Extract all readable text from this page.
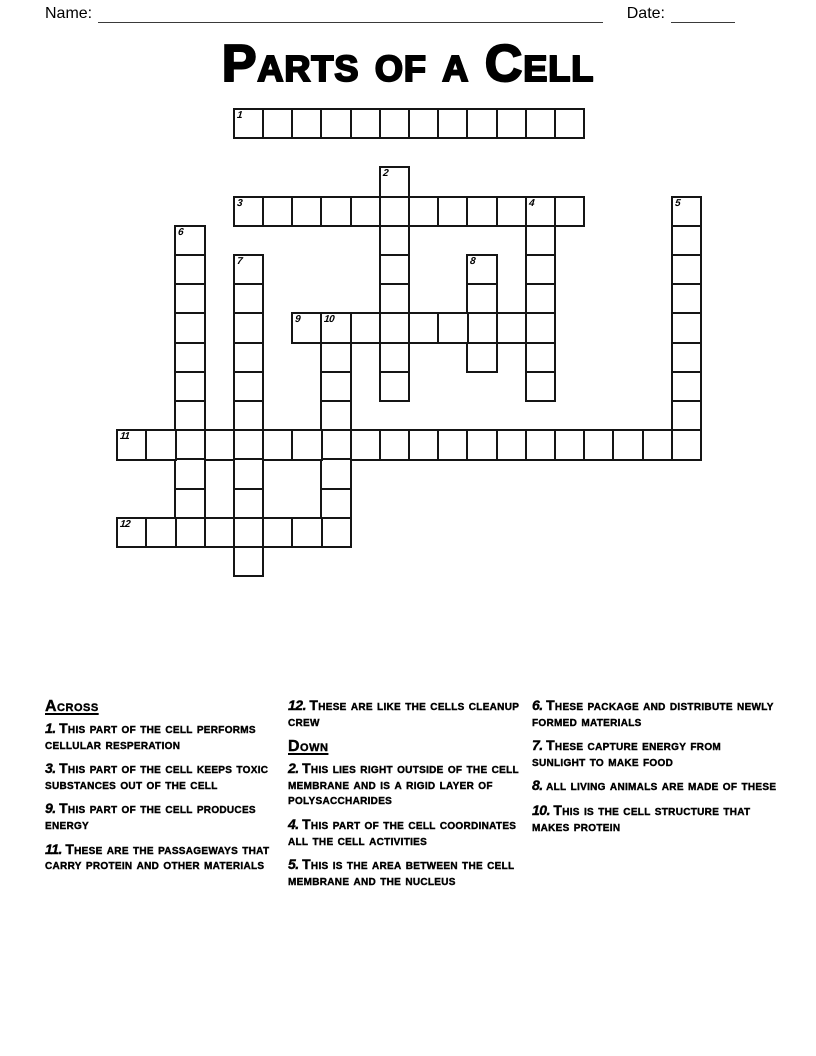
Name:	Date:
Parts of a Cell
1
2
3	4	5
6
7	8
9 10
11
12
Across
1. This part of the cell performs cellular resperation
3. This part of the cell keeps toxic substances out of the cell
9. This part of the cell produces energy
11. These are the passageways that carry protein and other materials
12. These are like the cells cleanup crew
Down
2. This lies right outside of the cell membrane and is a rigid layer of polysaccharides
4. This part of the cell coordinates all the cell activities
5. This is the area between the cell membrane and the nucleus
6. These package and distribute newly formed materials
7. These capture energy from sunlight to make food
8. all living animals are made of these
10. This is the cell structure that makes protein
